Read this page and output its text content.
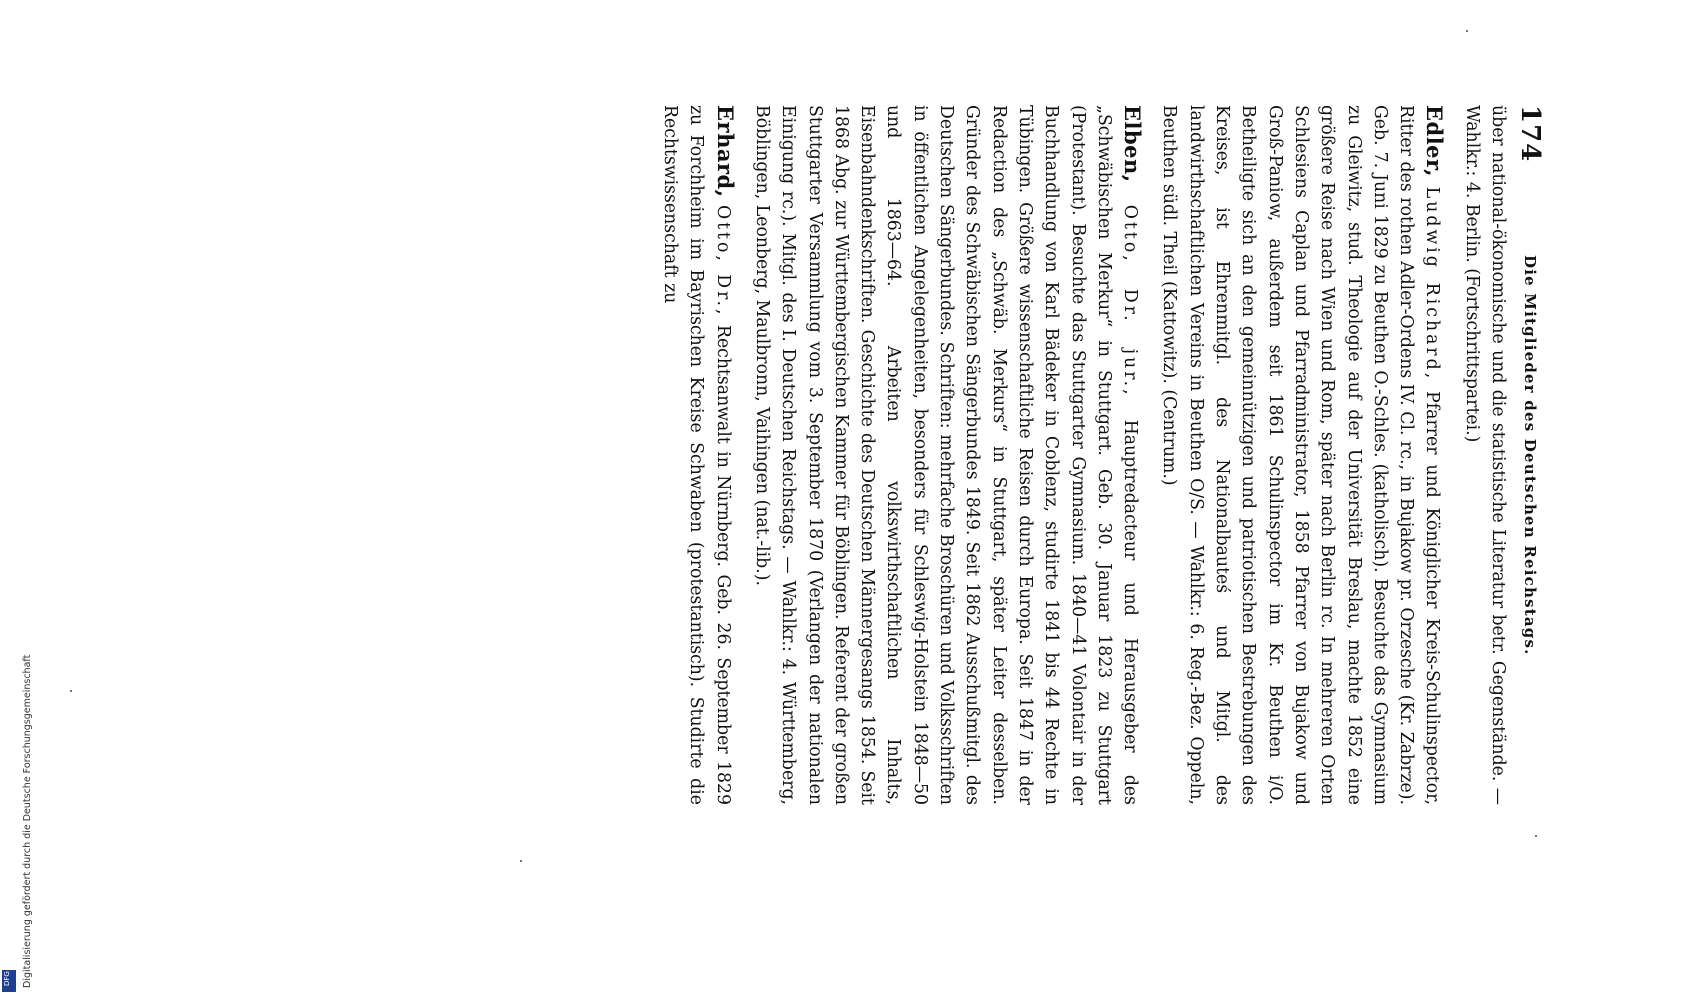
174
Die Mitglieder des Deutschen Reichstags.

über national-ökonomische und die statistische Literatur betr. Gegenstände. — Wahlkr.: 4. Berlin. (Fortschrittspartei.)

Edler, Ludwig Richard, Pfarrer und Königlicher Kreis-Schulinspector, Ritter des rothen Adler-Ordens IV. Cl. rc., in Bujakow pr. Orzesche (Kr. Zabrze). Geb. 7. Juni 1829 zu Beuthen O.-Schles. (katholisch). Besuchte das Gymnasium zu Gleiwitz, stud. Theologie auf der Universität Breslau, machte 1852 eine größere Reise nach Wien und Rom, später nach Berlin rc. In mehreren Orten Schlesiens Caplan und Pfarradministrator, 1858 Pfarrer von Bujakow und Groß-Paniow, außerdem seit 1861 Schulinspector im Kr. Beuthen i/O. Betheiligte sich an den gemeinnützigen und patriotischen Bestrebungen des Kreises, ist Ehrenmitgl. des Nationalbauteś und Mitgl. des landwirthschaftlichen Vereins in Beuthen O/S. — Wahlkr.: 6. Reg.-Bez. Oppeln, Beuthen südl. Theil (Kattowitz). (Centrum.)

Elben, Otto, Dr. jur., Hauptredacteur und Herausgeber des „Schwäbischen Merkur“ in Stuttgart. Geb. 30. Januar 1823 zu Stuttgart (Protestant). Besuchte das Stuttgarter Gymnasium. 1840—41 Volontair in der Buchhandlung von Karl Bädeker in Coblenz, studirte 1841 bis 44 Rechte in Tübingen. Größere wissenschaftliche Reisen durch Europa. Seit 1847 in der Redaction des „Schwäb. Merkurs“ in Stuttgart, später Leiter desselben. Gründer des Schwäbischen Sängerbundes 1849. Seit 1862 Ausschußmitgl. des Deutschen Sängerbundes. Schriften: mehrfache Broschüren und Volksschriften in öffentlichen Angelegenheiten, besonders für Schleswig-Holstein 1848—50 und 1863—64. Arbeiten volkswirthschaftlichen Inhalts, Eisenbahndenkschriften. Geschichte des Deutschen Männergesangs 1854. Seit 1868 Abg. zur Württembergischen Kammer für Böblingen. Referent der großen Stuttgarter Versammlung vom 3. September 1870 (Verlangen der nationalen Einigung rc.). Mitgl. des I. Deutschen Reichstags. — Wahlkr.: 4. Württemberg, Böblingen, Leonberg, Maulbronn, Vaihingen (nat.-lib.).

Erhard, Otto, Dr., Rechtsanwalt in Nürnberg. Geb. 26. September 1829 zu Forchheim im Bayrischen Kreise Schwaben (protestantisch). Studirte die Rechtswissenschaft zu

Digitalisierung gefördert durch die Deutsche Forschungsgemeinschaft
DFG
